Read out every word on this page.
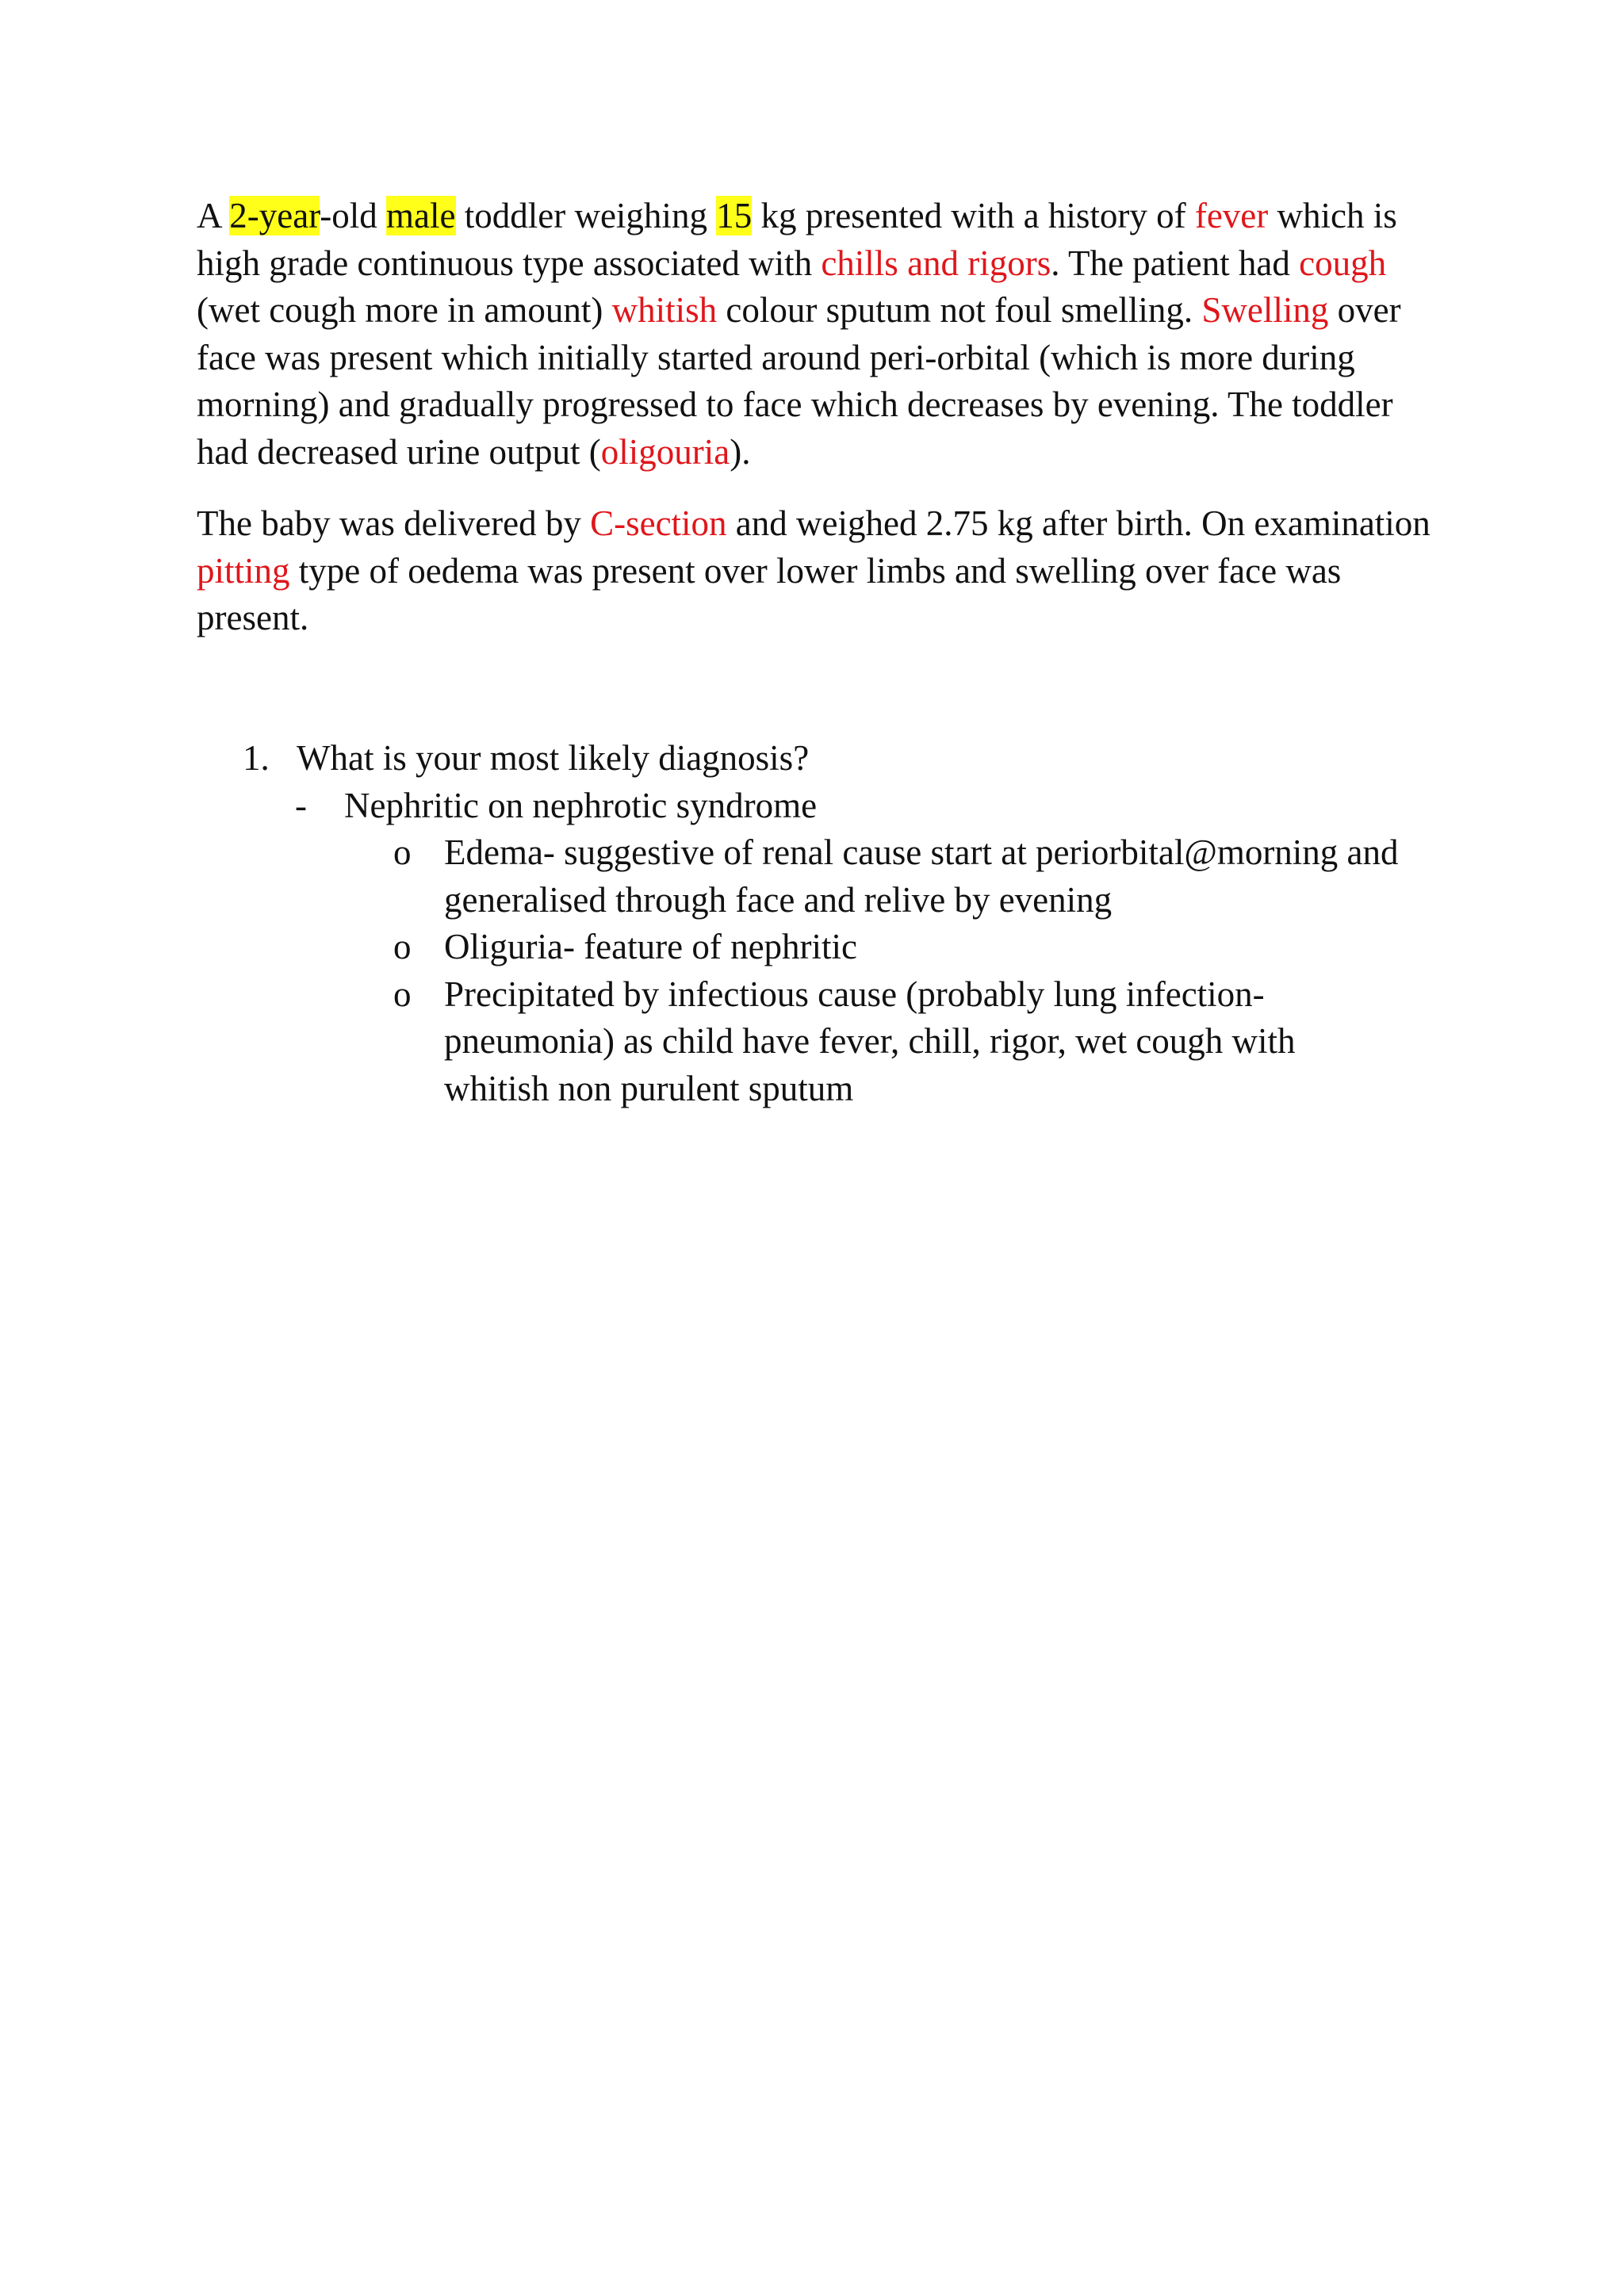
A 2-year-old male toddler weighing 15 kg presented with a history of fever which is high grade continuous type associated with chills and rigors. The patient had cough (wet cough more in amount) whitish colour sputum not foul smelling. Swelling over face was present which initially started around peri-orbital (which is more during morning) and gradually progressed to face which decreases by evening. The toddler had decreased urine output (oligouria).

The baby was delivered by C-section and weighed 2.75 kg after birth. On examination pitting type of oedema was present over lower limbs and swelling over face was present.

1. What is your most likely diagnosis?
- Nephritic on nephrotic syndrome
o Edema- suggestive of renal cause start at periorbital@morning and generalised through face and relive by evening
o Oliguria- feature of nephritic
o Precipitated by infectious cause (probably lung infection- pneumonia) as child have fever, chill, rigor, wet cough with whitish non purulent sputum
